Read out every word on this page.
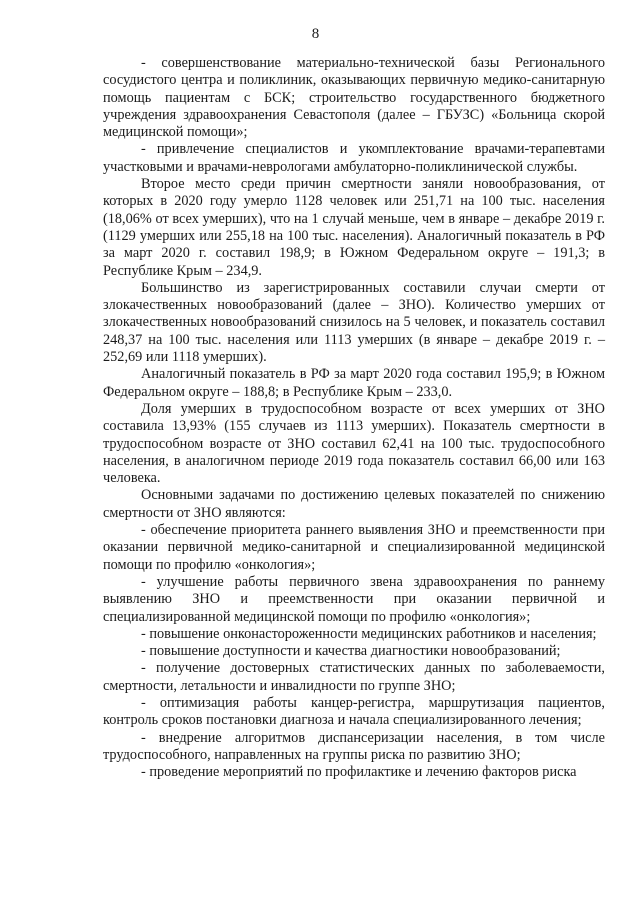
8

- совершенствование материально-технической базы Регионального сосудистого центра и поликлиник, оказывающих первичную медико-санитарную помощь пациентам с БСК; строительство государственного бюджетного учреждения здравоохранения Севастополя (далее – ГБУЗС) «Больница скорой медицинской помощи»;

- привлечение специалистов и укомплектование врачами-терапевтами участковыми и врачами-неврологами амбулаторно-поликлинической службы.

Второе место среди причин смертности заняли новообразования, от которых в 2020 году умерло 1128 человек или 251,71 на 100 тыс. населения (18,06% от всех умерших), что на 1 случай меньше, чем в январе – декабре 2019 г. (1129 умерших или 255,18 на 100 тыс. населения). Аналогичный показатель в РФ за март 2020 г. составил 198,9; в Южном Федеральном округе – 191,3; в Республике Крым – 234,9.

Большинство из зарегистрированных составили случаи смерти от злокачественных новообразований (далее – ЗНО). Количество умерших от злокачественных новообразований снизилось на 5 человек, и показатель составил 248,37 на 100 тыс. населения или 1113 умерших (в январе – декабре 2019 г. – 252,69 или 1118 умерших).

Аналогичный показатель в РФ за март 2020 года составил 195,9; в Южном Федеральном округе – 188,8; в Республике Крым – 233,0.

Доля умерших в трудоспособном возрасте от всех умерших от ЗНО составила 13,93% (155 случаев из 1113 умерших). Показатель смертности в трудоспособном возрасте от ЗНО составил 62,41 на 100 тыс. трудоспособного населения, в аналогичном периоде 2019 года показатель составил 66,00 или 163 человека.

Основными задачами по достижению целевых показателей по снижению смертности от ЗНО являются:

- обеспечение приоритета раннего выявления ЗНО и преемственности при оказании первичной медико-санитарной и специализированной медицинской помощи по профилю «онкология»;

- улучшение работы первичного звена здравоохранения по раннему выявлению ЗНО и преемственности при оказании первичной и специализированной медицинской помощи по профилю «онкология»;

- повышение онконастороженности медицинских работников и населения;

- повышение доступности и качества диагностики новообразований;

- получение достоверных статистических данных по заболеваемости, смертности, летальности и инвалидности по группе ЗНО;

- оптимизация работы канцер-регистра, маршрутизация пациентов, контроль сроков постановки диагноза и начала специализированного лечения;

- внедрение алгоритмов диспансеризации населения, в том числе трудоспособного, направленных на группы риска по развитию ЗНО;

- проведение мероприятий по профилактике и лечению факторов риска
